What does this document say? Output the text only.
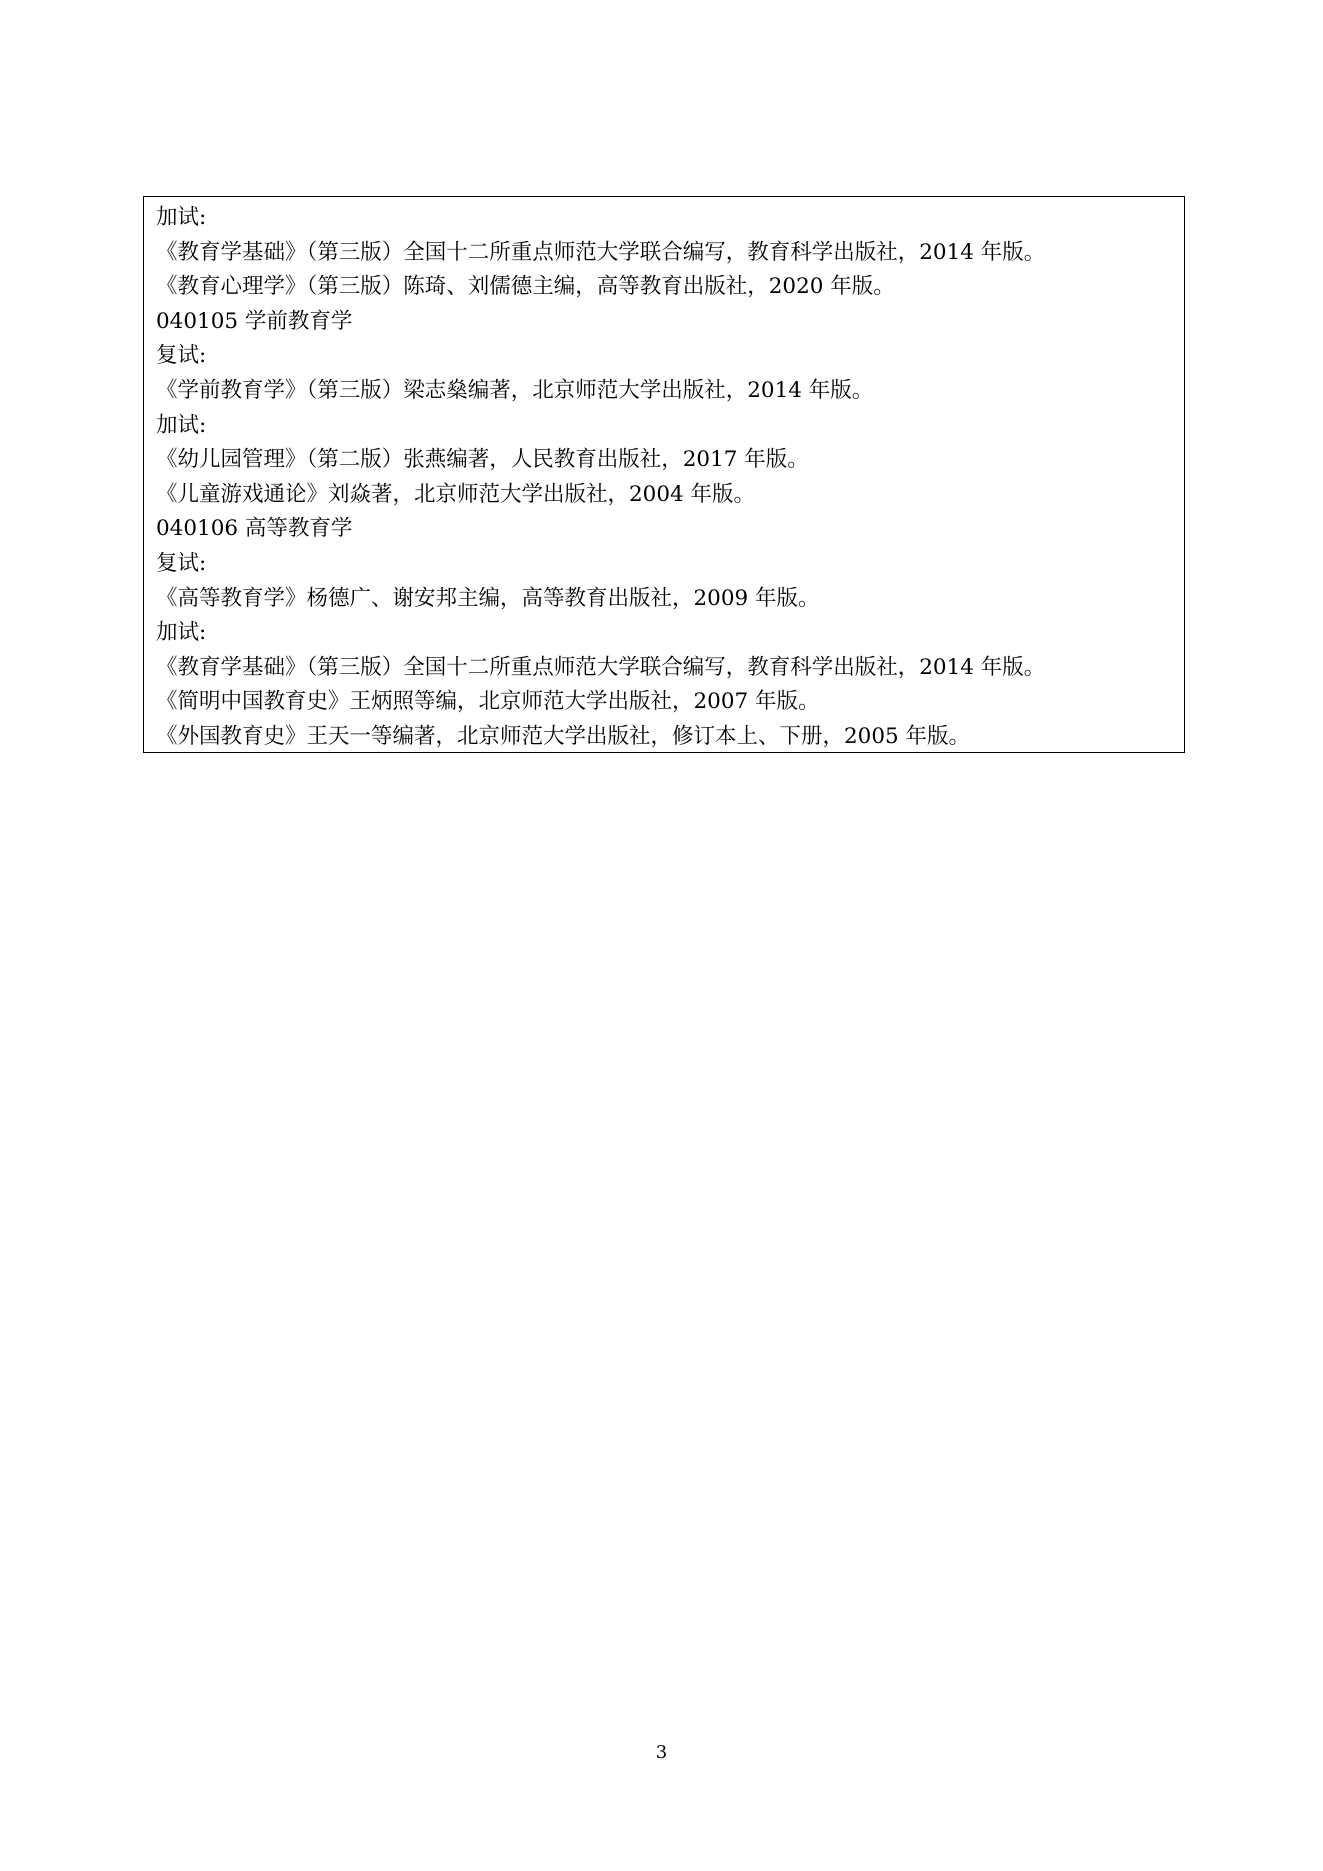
加试:
《教育学基础》（第三版）全国十二所重点师范大学联合编写，教育科学出版社，2014 年版。
《教育心理学》（第三版）陈琦、刘儒德主编，高等教育出版社，2020 年版。
040105 学前教育学
复试:
《学前教育学》（第三版）梁志燊编著，北京师范大学出版社，2014 年版。
加试:
《幼儿园管理》（第二版）张燕编著，人民教育出版社，2017 年版。
《儿童游戏通论》刘焱著，北京师范大学出版社，2004 年版。
040106 高等教育学
复试:
《高等教育学》杨德广、谢安邦主编，高等教育出版社，2009 年版。
加试:
《教育学基础》（第三版）全国十二所重点师范大学联合编写，教育科学出版社，2014 年版。
《简明中国教育史》王炳照等编，北京师范大学出版社，2007 年版。
《外国教育史》王天一等编著，北京师范大学出版社，修订本上、下册，2005 年版。
3
